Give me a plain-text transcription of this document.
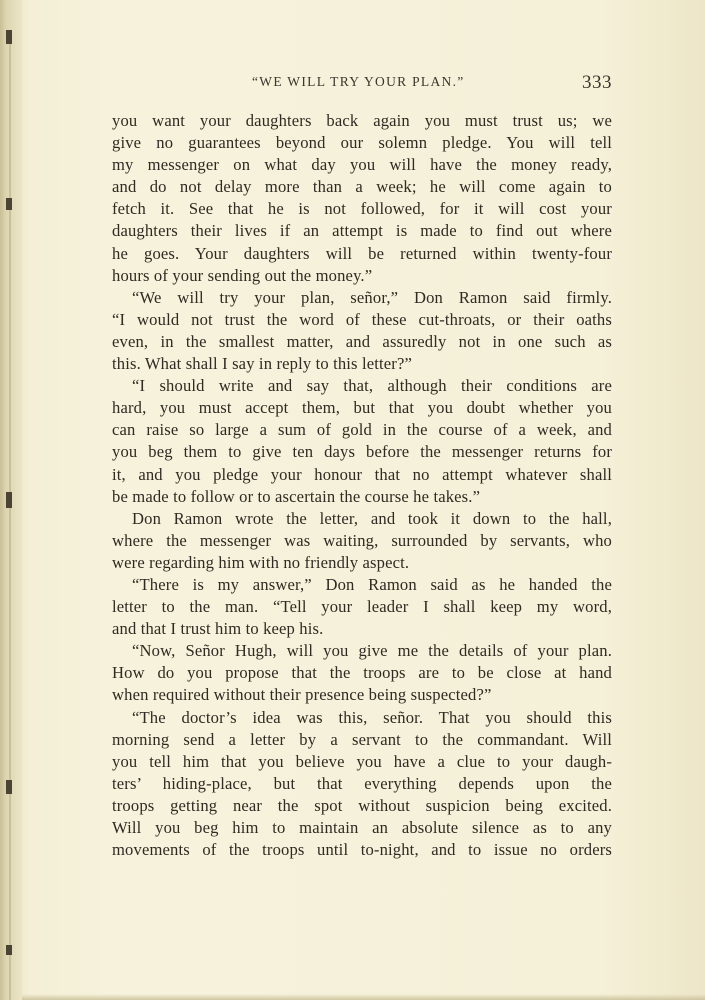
“WE WILL TRY YOUR PLAN.”	333
you want your daughters back again you must trust us; we
give no guarantees beyond our solemn pledge. You will tell
my messenger on what day you will have the money ready,
and do not delay more than a week; he will come again to
fetch it. See that he is not followed, for it will cost your
daughters their lives if an attempt is made to find out where
he goes. Your daughters will be returned within twenty-four
hours of your sending out the money.”
“We will try your plan, señor,” Don Ramon said firmly.
“I would not trust the word of these cut-throats, or their oaths
even, in the smallest matter, and assuredly not in one such as
this. What shall I say in reply to this letter?”
“I should write and say that, although their conditions are
hard, you must accept them, but that you doubt whether you
can raise so large a sum of gold in the course of a week, and
you beg them to give ten days before the messenger returns for
it, and you pledge your honour that no attempt whatever shall
be made to follow or to ascertain the course he takes.”
Don Ramon wrote the letter, and took it down to the hall,
where the messenger was waiting, surrounded by servants, who
were regarding him with no friendly aspect.
“There is my answer,” Don Ramon said as he handed the
letter to the man. “Tell your leader I shall keep my word,
and that I trust him to keep his.
“Now, Señor Hugh, will you give me the details of your plan.
How do you propose that the troops are to be close at hand
when required without their presence being suspected?”
“The doctor’s idea was this, señor. That you should this
morning send a letter by a servant to the commandant. Will
you tell him that you believe you have a clue to your daugh-
ters’ hiding-place, but that everything depends upon the
troops getting near the spot without suspicion being excited.
Will you beg him to maintain an absolute silence as to any
movements of the troops until to-night, and to issue no orders
